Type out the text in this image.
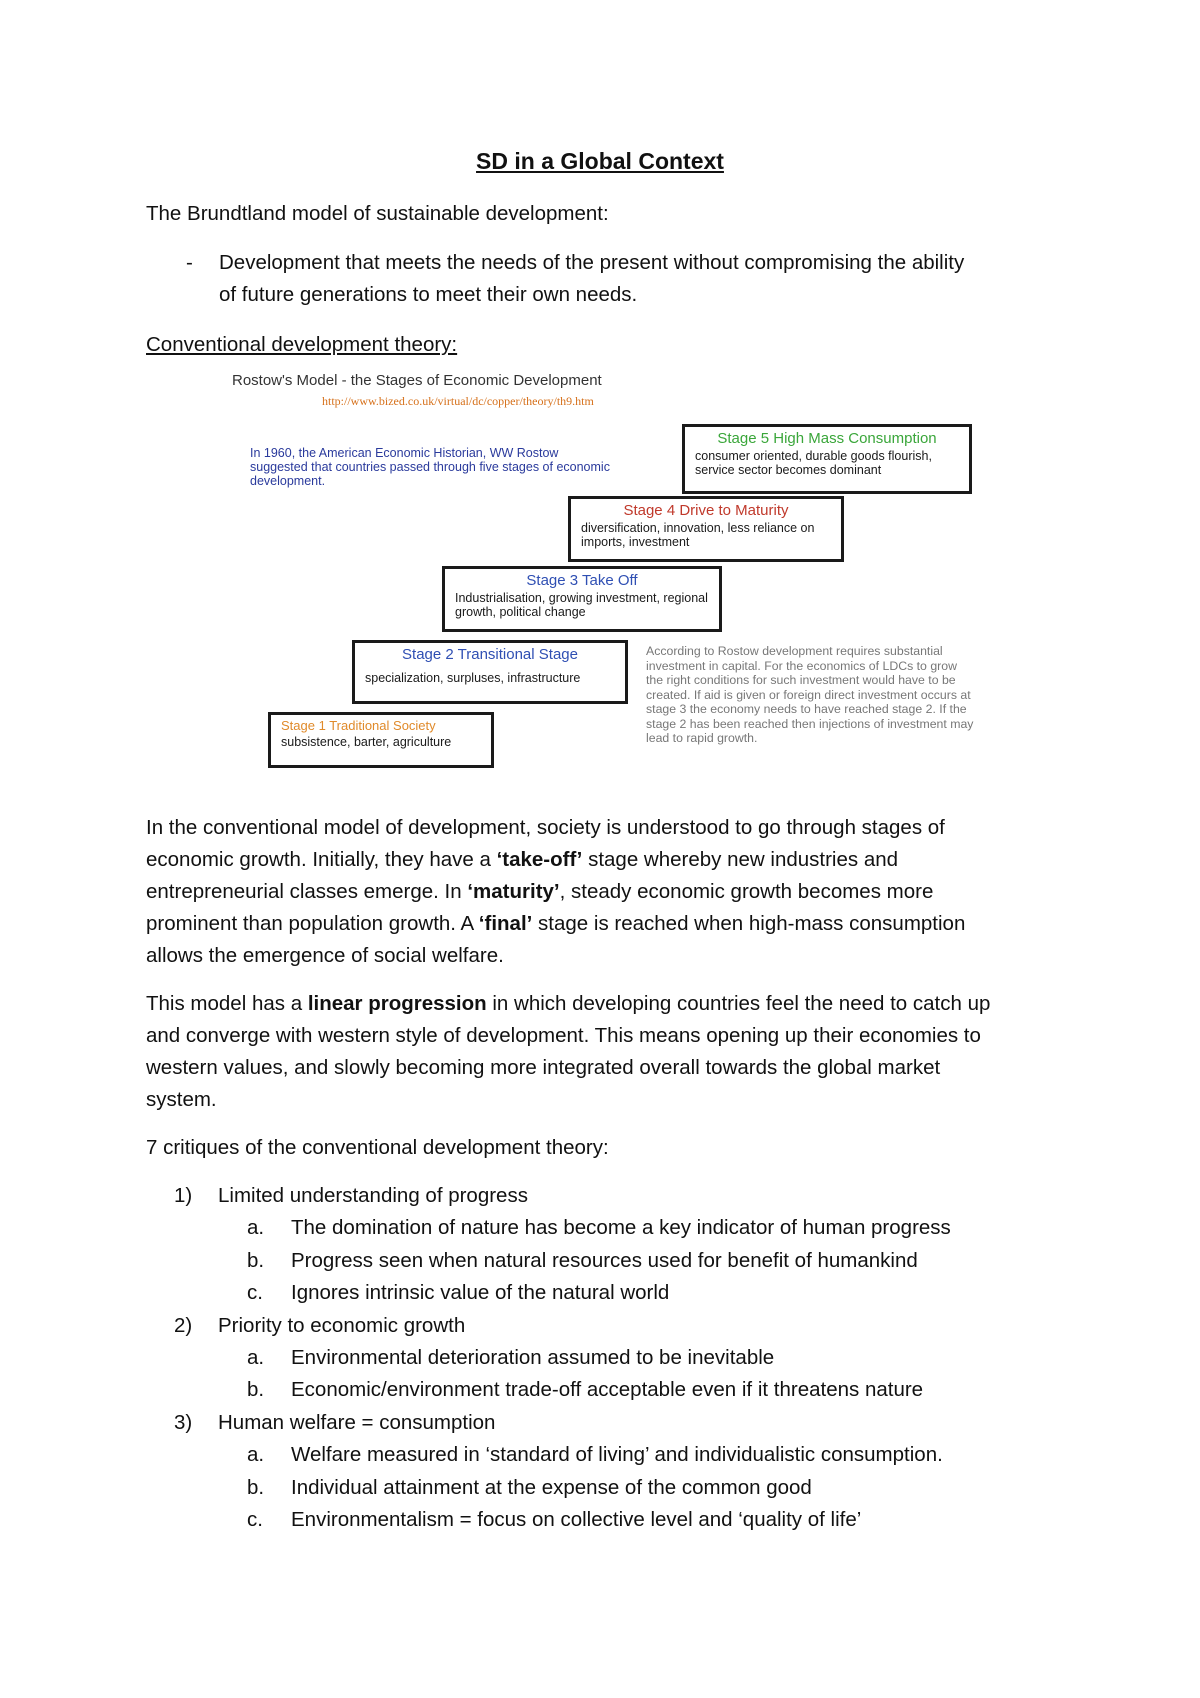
SD in a Global Context
The Brundtland model of sustainable development:
- Development that meets the needs of the present without compromising the ability
of future generations to meet their own needs.
Conventional development theory:
Rostow's Model - the Stages of Economic Development
http://www.bized.co.uk/virtual/dc/copper/theory/th9.htm
In 1960, the American Economic Historian, WW Rostow suggested that countries passed through five stages of economic development.
Stage 5 High Mass Consumption
consumer oriented, durable goods flourish, service sector becomes dominant
Stage 4 Drive to Maturity
diversification, innovation, less reliance on imports, investment
Stage 3 Take Off
Industrialisation, growing investment, regional growth, political change
Stage 2 Transitional Stage
specialization, surpluses, infrastructure
Stage 1 Traditional Society
subsistence, barter, agriculture
According to Rostow development requires substantial investment in capital. For the economics of LDCs to grow the right conditions for such investment would have to be created. If aid is given or foreign direct investment occurs at stage 3 the economy needs to have reached stage 2. If the stage 2 has been reached then injections of investment may lead to rapid growth.
In the conventional model of development, society is understood to go through stages of
economic growth. Initially, they have a ‘take-off’ stage whereby new industries and
entrepreneurial classes emerge. In ‘maturity’, steady economic growth becomes more
prominent than population growth. A ‘final’ stage is reached when high-mass consumption
allows the emergence of social welfare.
This model has a linear progression in which developing countries feel the need to catch up
and converge with western style of development. This means opening up their economies to
western values, and slowly becoming more integrated overall towards the global market
system.
7 critiques of the conventional development theory:
1) Limited understanding of progress
a. The domination of nature has become a key indicator of human progress
b. Progress seen when natural resources used for benefit of humankind
c. Ignores intrinsic value of the natural world
2) Priority to economic growth
a. Environmental deterioration assumed to be inevitable
b. Economic/environment trade-off acceptable even if it threatens nature
3) Human welfare = consumption
a. Welfare measured in ‘standard of living’ and individualistic consumption.
b. Individual attainment at the expense of the common good
c. Environmentalism = focus on collective level and ‘quality of life’
